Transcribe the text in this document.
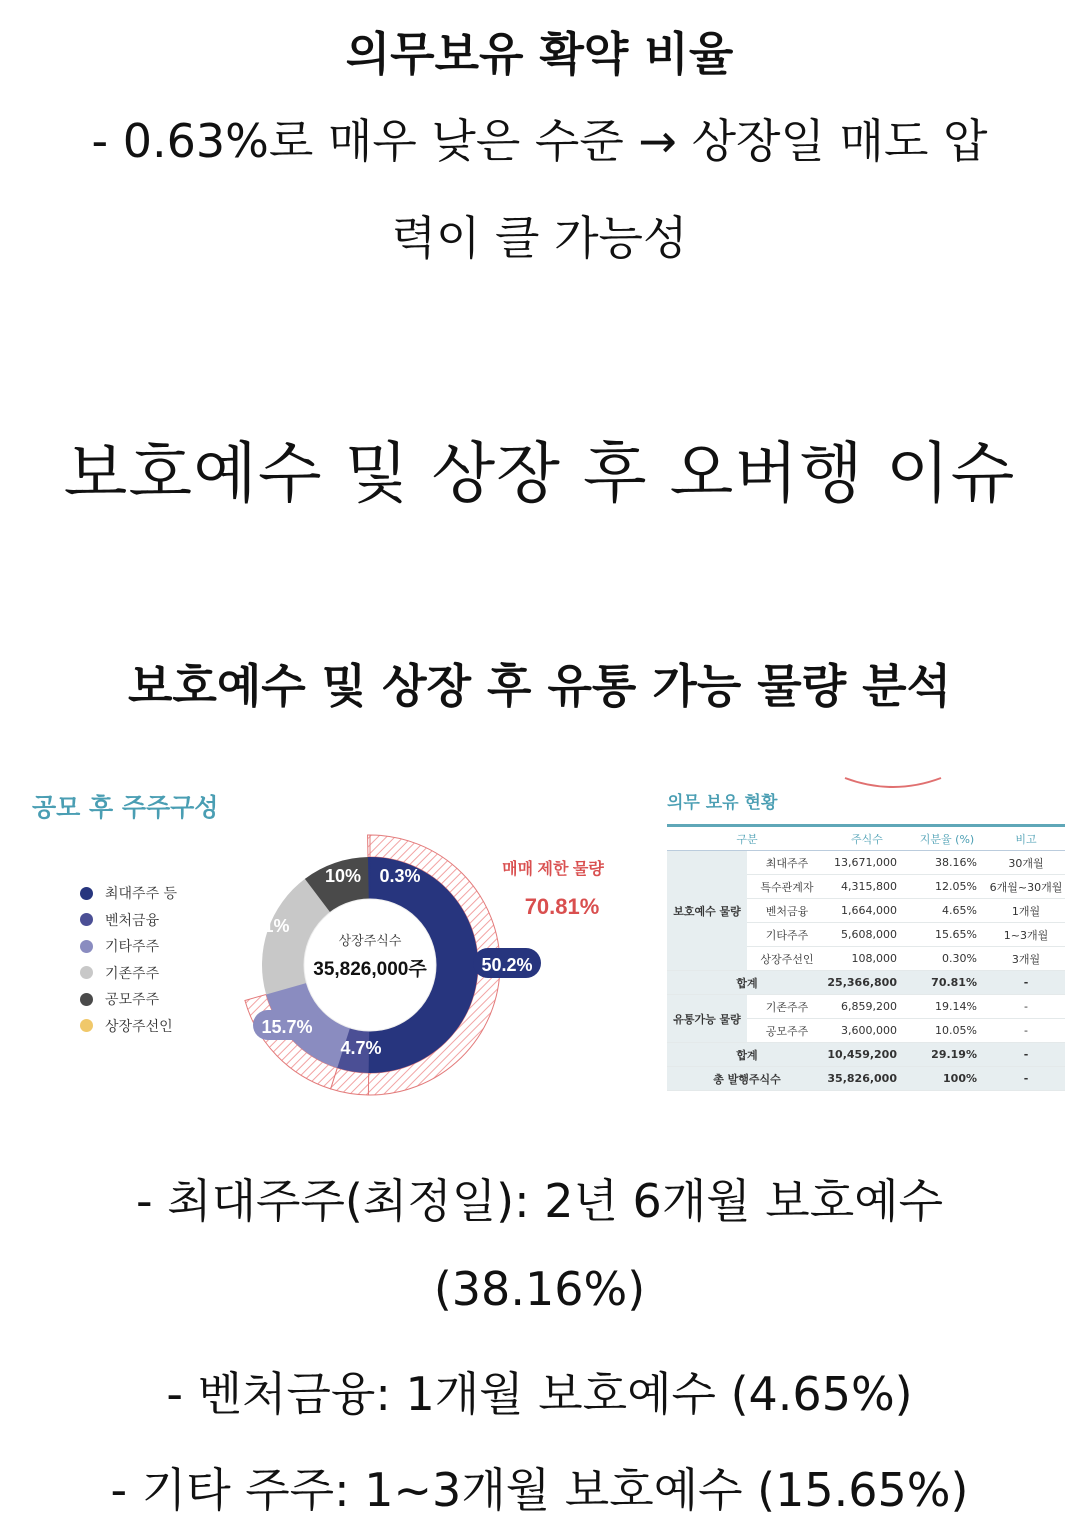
의무보유 확약 비율
- 0.63%로 매우 낮은 수준 → 상장일 매도 압
력이 클 가능성
보호예수 및 상장 후 오버행 이슈
보호예수 및 상장 후 유통 가능 물량 분석
공모 후 주주구성
최대주주 등
벤처금융
기타주주
기존주주
공모주주
상장주선인
50.2%
4.7%
15.7%
19.1%
10% 0.3%
상장주식수
35,826,000주
매매 제한 물량
70.81%
의무 보유 현황
구분		주식수	지분율 (%)	비고
보호예수 물량	최대주주	13,671,000	38.16%	30개월
	특수관계자	4,315,800	12.05%	6개월~30개월
	벤처금융	1,664,000	4.65%	1개월
	기타주주	5,608,000	15.65%	1~3개월
	상장주선인	108,000	0.30%	3개월
합계		25,366,800	70.81%	-
유통가능 물량	기존주주	6,859,200	19.14%	-
	공모주주	3,600,000	10.05%	-
합계		10,459,200	29.19%	-
총 발행주식수		35,826,000	100%	-
- 최대주주(최정일): 2년 6개월 보호예수
(38.16%)
- 벤처금융: 1개월 보호예수 (4.65%)
- 기타 주주: 1~3개월 보호예수 (15.65%)
